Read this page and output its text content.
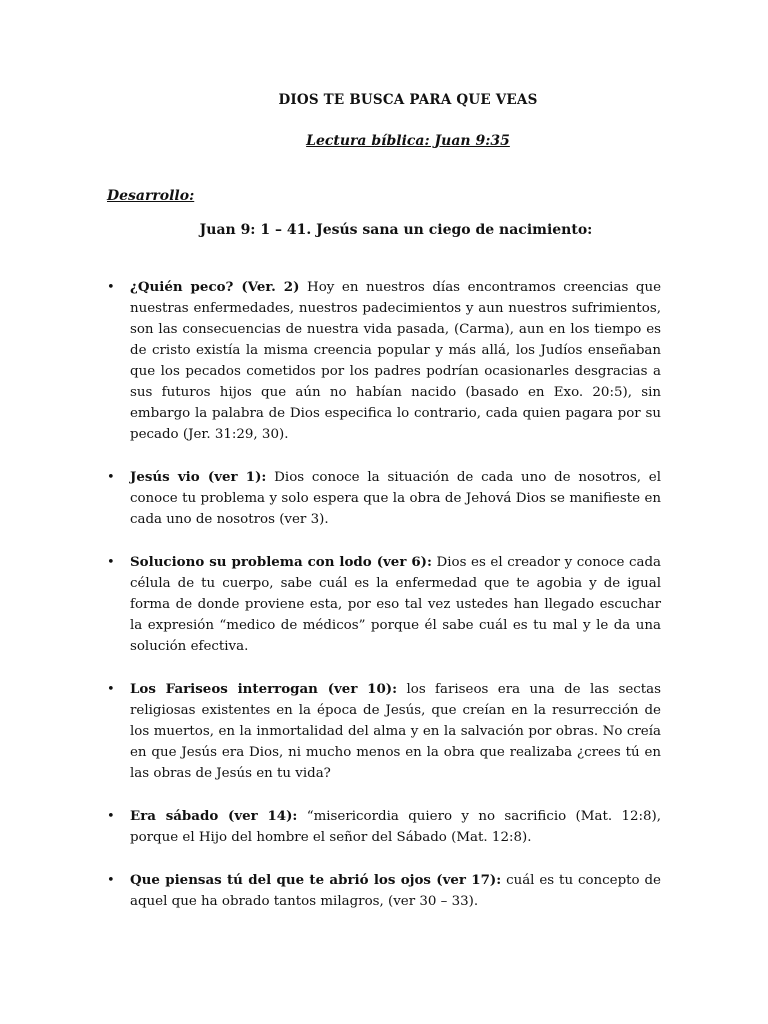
DIOS TE BUSCA PARA QUE VEAS
Lectura bíblica: Juan 9:35
Desarrollo:
Juan 9: 1 – 41. Jesús sana un ciego de nacimiento:
• ¿Quién peco? (Ver. 2) Hoy en nuestros días encontramos creencias que nuestras enfermedades, nuestros padecimientos y aun nuestros sufrimientos, son las consecuencias de nuestra vida pasada, (Carma), aun en los tiempo es de cristo existía la misma creencia popular y más allá, los Judíos enseñaban que los pecados cometidos por los padres podrían ocasionarles desgracias a sus futuros hijos que aún no habían nacido (basado en Exo. 20:5), sin embargo la palabra de Dios especifica lo contrario, cada quien pagara por su pecado (Jer. 31:29, 30).
• Jesús vio (ver 1): Dios conoce la situación de cada uno de nosotros, el conoce tu problema y solo espera que la obra de Jehová Dios se manifieste en cada uno de nosotros (ver 3).
• Soluciono su problema con lodo (ver 6): Dios es el creador y conoce cada célula de tu cuerpo, sabe cuál es la enfermedad que te agobia y de igual forma de donde proviene esta, por eso tal vez ustedes han llegado escuchar la expresión “medico de médicos” porque él sabe cuál es tu mal y le da una solución efectiva.
• Los Fariseos interrogan (ver 10): los fariseos era una de las sectas religiosas existentes en la época de Jesús, que creían en la resurrección de los muertos, en la inmortalidad del alma y en la salvación por obras. No creía en que Jesús era Dios, ni mucho menos en la obra que realizaba ¿crees tú en las obras de Jesús en tu vida?
• Era sábado (ver 14): “misericordia quiero y no sacrificio (Mat. 12:8), porque el Hijo del hombre el señor del Sábado (Mat. 12:8).
• Que piensas tú del que te abrió los ojos (ver 17): cuál es tu concepto de aquel que ha obrado tantos milagros, (ver 30 – 33).
